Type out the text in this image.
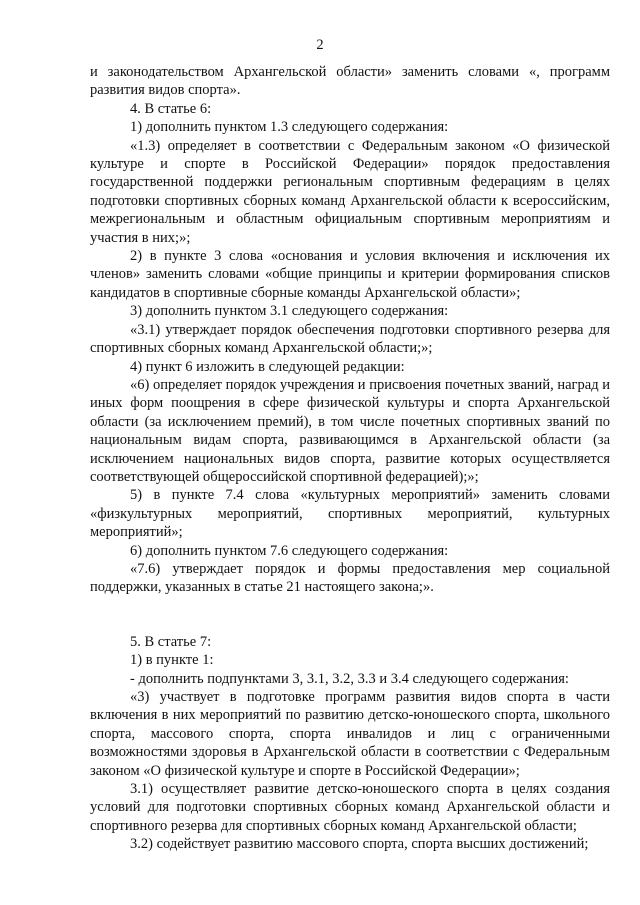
2

и законодательством Архангельской области» заменить словами «, программ развития видов спорта».

4. В статье 6:

1) дополнить пунктом 1.3 следующего содержания:

«1.3) определяет в соответствии с Федеральным законом «О физической культуре и спорте в Российской Федерации» порядок предоставления государственной поддержки региональным спортивным федерациям в целях подготовки спортивных сборных команд Архангельской области к всероссийским, межрегиональным и областным официальным спортивным мероприятиям и участия в них;»;

2) в пункте 3 слова «основания и условия включения и исключения их членов» заменить словами «общие принципы и критерии формирования списков кандидатов в спортивные сборные команды Архангельской области»;

3) дополнить пунктом 3.1 следующего содержания:

«3.1) утверждает порядок обеспечения подготовки спортивного резерва для спортивных сборных команд Архангельской области;»;

4) пункт 6 изложить в следующей редакции:

«6) определяет порядок учреждения и присвоения почетных званий, наград и иных форм поощрения в сфере физической культуры и спорта Архангельской области (за исключением премий), в том числе почетных спортивных званий по национальным видам спорта, развивающимся в Архангельской области (за исключением национальных видов спорта, развитие которых осуществляется соответствующей общероссийской спортивной федерацией);»;

5) в пункте 7.4 слова «культурных мероприятий» заменить словами «физкультурных мероприятий, спортивных мероприятий, культурных мероприятий»;

6) дополнить пунктом 7.6 следующего содержания:

«7.6) утверждает порядок и формы предоставления мер социальной поддержки, указанных в статье 21 настоящего закона;».

5. В статье 7:

1) в пункте 1:

- дополнить подпунктами 3, 3.1, 3.2, 3.3 и 3.4 следующего содержания:

«3) участвует в подготовке программ развития видов спорта в части включения в них мероприятий по развитию детско-юношеского спорта, школьного спорта, массового спорта, спорта инвалидов и лиц с ограниченными возможностями здоровья в Архангельской области в соответствии с Федеральным законом «О физической культуре и спорте в Российской Федерации»;

3.1) осуществляет развитие детско-юношеского спорта в целях создания условий для подготовки спортивных сборных команд Архангельской области и спортивного резерва для спортивных сборных команд Архангельской области;

3.2) содействует развитию массового спорта, спорта высших достижений;
